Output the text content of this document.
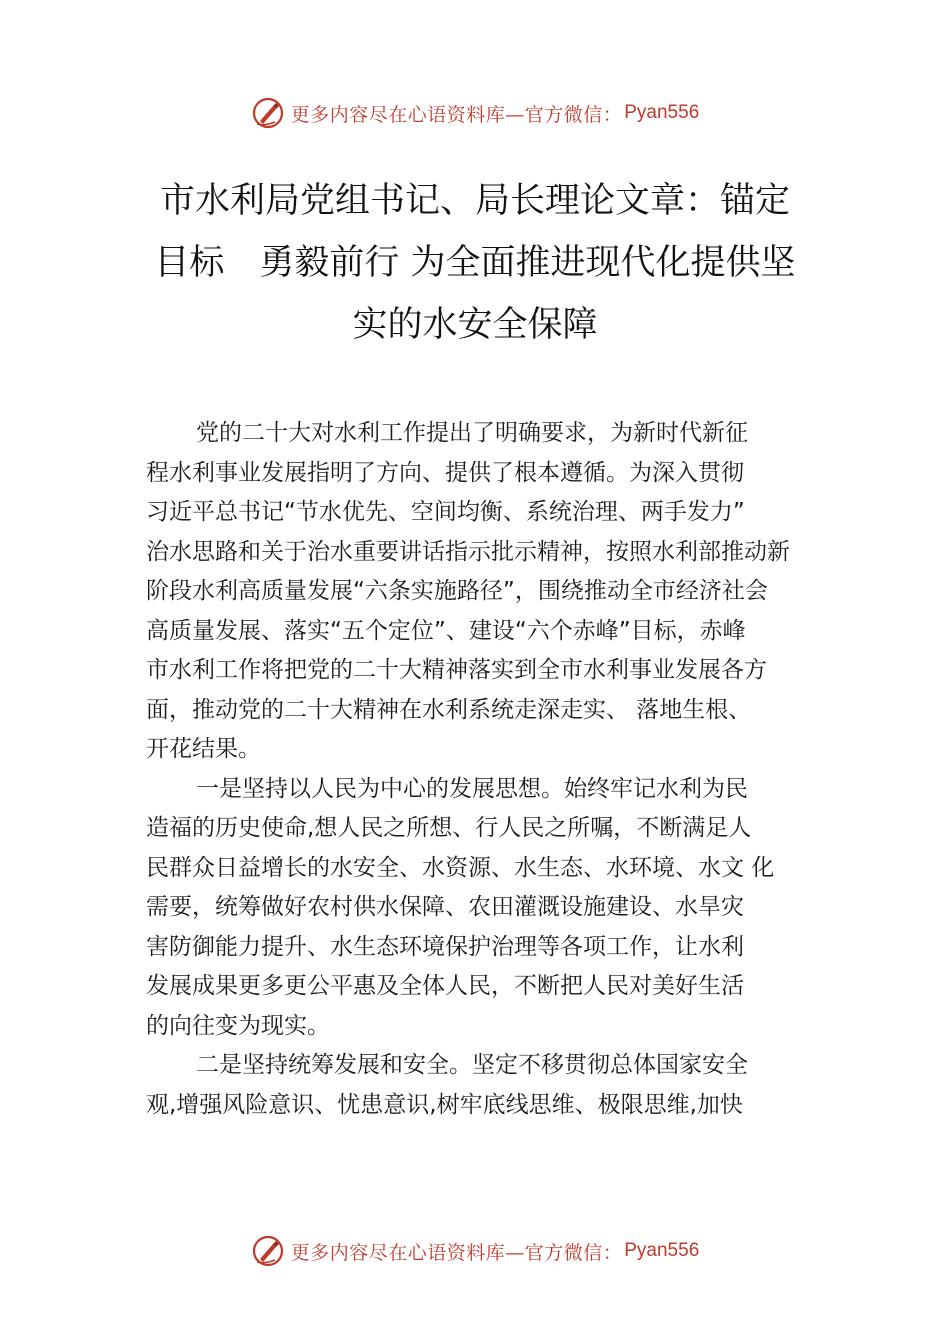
更多内容尽在心语资料库—官方微信： Pyan556
市水利局党组书记、局长理论文章：锚定
目标　勇毅前行 为全面推进现代化提供坚
实的水安全保障
党的二十大对水利工作提出了明确要求，为新时代新征
程水利事业发展指明了方向、提供了根本遵循。为深入贯彻
习近平总书记“节水优先、空间均衡、系统治理、两手发力”
治水思路和关于治水重要讲话指示批示精神，按照水利部推动新
阶段水利高质量发展“六条实施路径”，围绕推动全市经济社会
高质量发展、落实“五个定位”、建设“六个赤峰”目标，赤峰
市水利工作将把党的二十大精神落实到全市水利事业发展各方
面，推动党的二十大精神在水利系统走深走实、 落地生根、
开花结果。
一是坚持以人民为中心的发展思想。始终牢记水利为民
造福的历史使命,想人民之所想、行人民之所嘱，不断满足人
民群众日益增长的水安全、水资源、水生态、水环境、水文 化
需要，统筹做好农村供水保障、农田灌溉设施建设、水旱灾
害防御能力提升、水生态环境保护治理等各项工作，让水利
发展成果更多更公平惠及全体人民，不断把人民对美好生活
的向往变为现实。
二是坚持统筹发展和安全。坚定不移贯彻总体国家安全
观,增强风险意识、忧患意识,树牢底线思维、极限思维,加快
更多内容尽在心语资料库—官方微信： Pyan556
